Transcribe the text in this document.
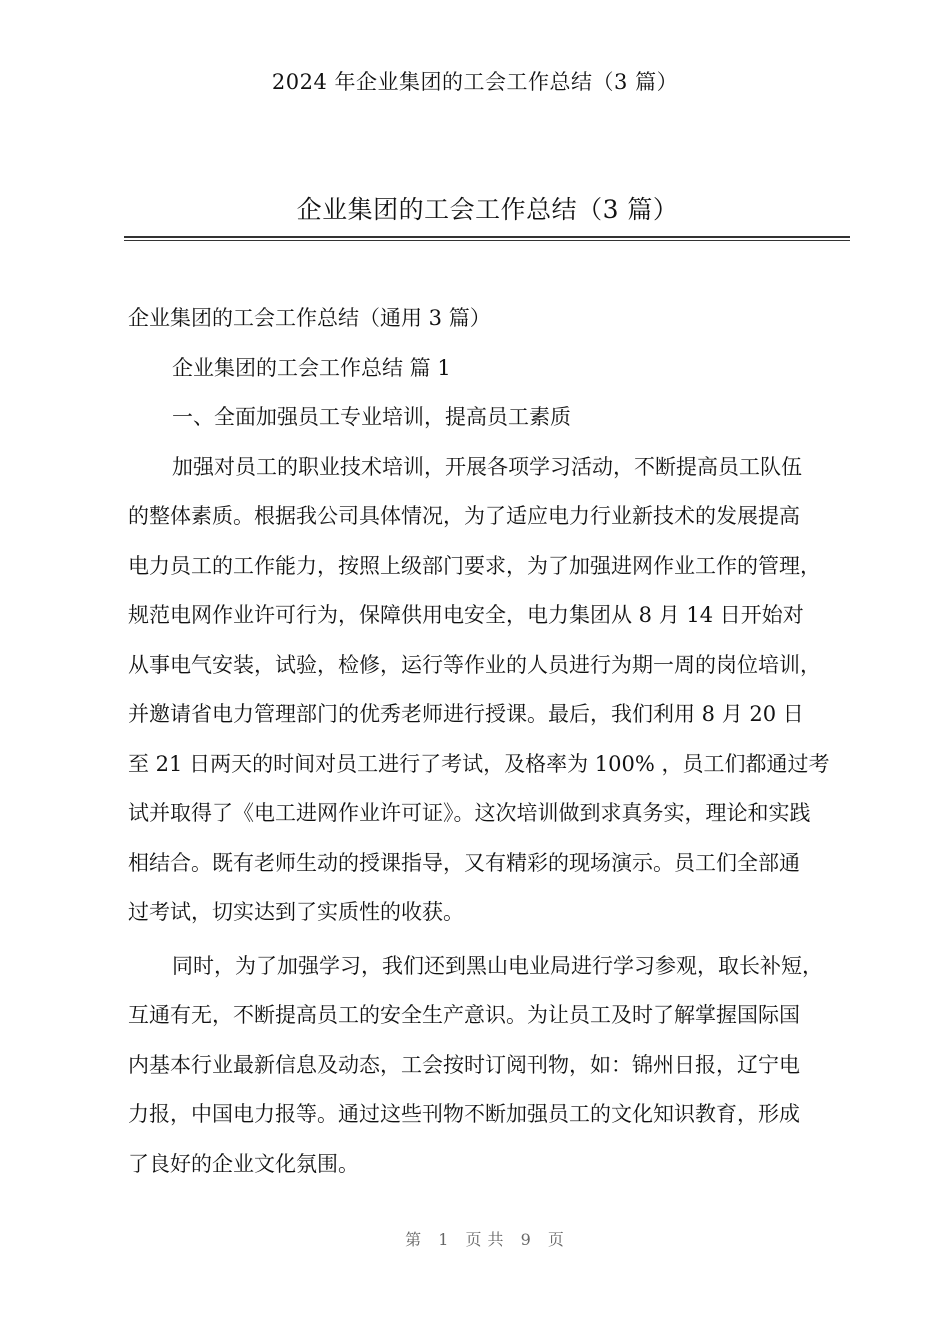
2024 年企业集团的工会工作总结（3 篇）
企业集团的工会工作总结（3 篇）

企业集团的工会工作总结（通用 3 篇）

企业集团的工会工作总结 篇 1

一、全面加强员工专业培训，提高员工素质

加强对员工的职业技术培训，开展各项学习活动，不断提高员工队伍
的整体素质。根据我公司具体情况，为了适应电力行业新技术的发展提高
电力员工的工作能力，按照上级部门要求，为了加强进网作业工作的管理，
规范电网作业许可行为，保障供用电安全，电力集团从 8 月 14 日开始对
从事电气安装，试验，检修，运行等作业的人员进行为期一周的岗位培训，
并邀请省电力管理部门的优秀老师进行授课。最后，我们利用 8 月 20 日
至 21 日两天的时间对员工进行了考试，及格率为 100% ，员工们都通过考
试并取得了《电工进网作业许可证》。这次培训做到求真务实，理论和实践
相结合。既有老师生动的授课指导，又有精彩的现场演示。员工们全部通
过考试，切实达到了实质性的收获。

同时，为了加强学习，我们还到黑山电业局进行学习参观，取长补短，
互通有无，不断提高员工的安全生产意识。为让员工及时了解掌握国际国
内基本行业最新信息及动态，工会按时订阅刊物，如：锦州日报，辽宁电
力报，中国电力报等。通过这些刊物不断加强员工的文化知识教育，形成
了良好的企业文化氛围。

第 1 页共 9 页
